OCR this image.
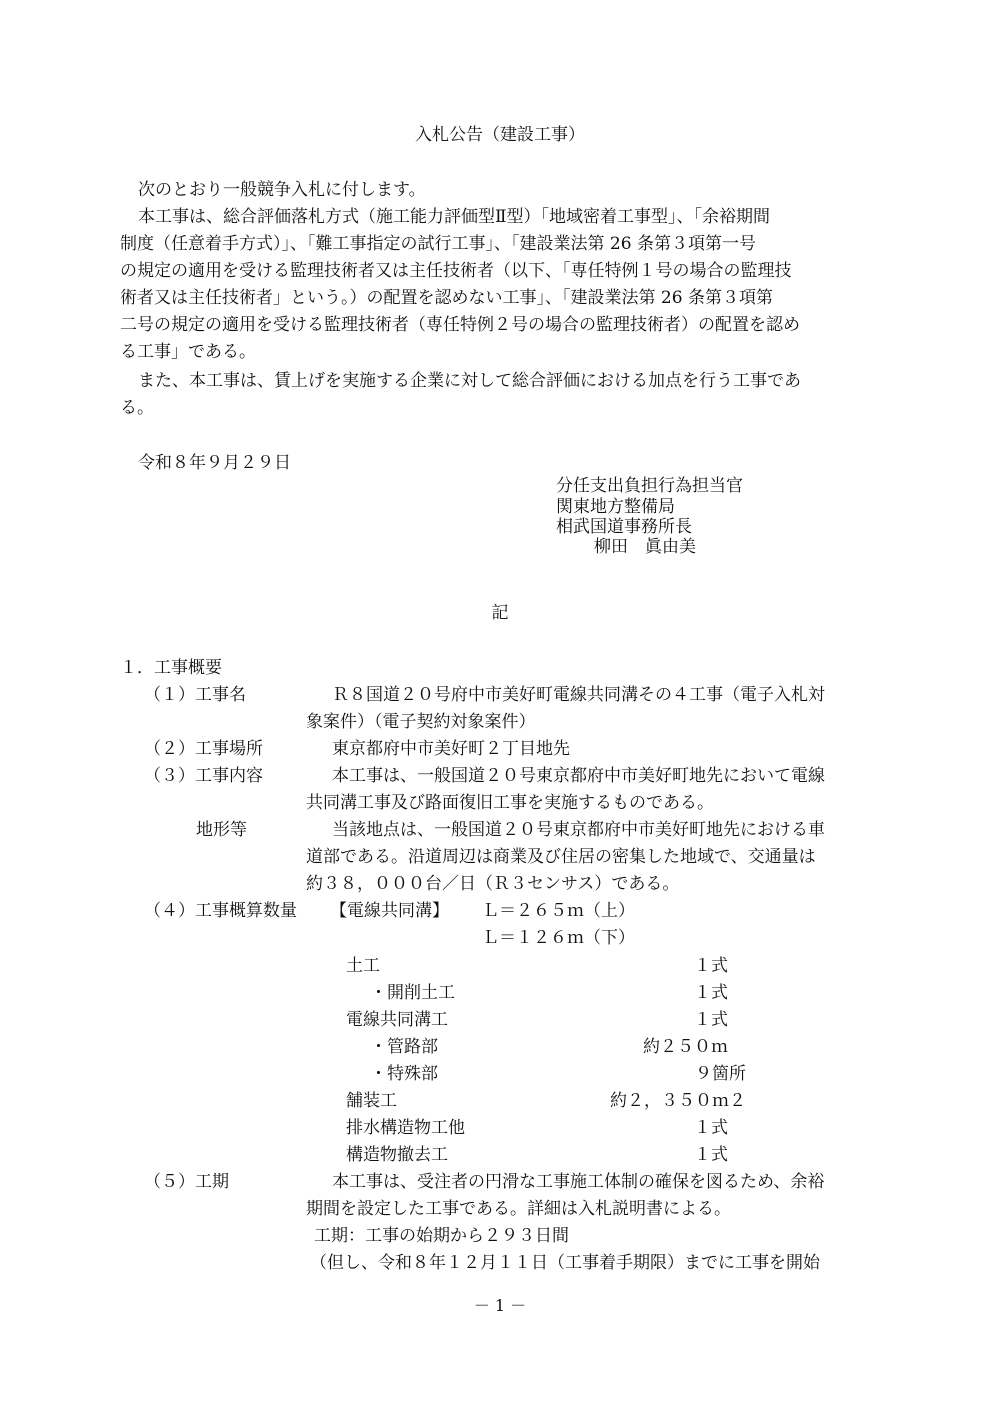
入札公告（建設工事）
次のとおり一般競争入札に付します。
本工事は、総合評価落札方式（施工能力評価型Ⅱ型）「地域密着工事型」、「余裕期間
制度（任意着手方式）」、「難工事指定の試行工事」、「建設業法第 26 条第３項第一号
の規定の適用を受ける監理技術者又は主任技術者（以下、「専任特例１号の場合の監理技
術者又は主任技術者」という。）の配置を認めない工事」、「建設業法第 26 条第３項第
二号の規定の適用を受ける監理技術者（専任特例２号の場合の監理技術者）の配置を認め
る工事」である。
また、本工事は、賃上げを実施する企業に対して総合評価における加点を行う工事であ
る。
令和８年９月２９日
分任支出負担行為担当官
関東地方整備局
相武国道事務所長
柳田　眞由美
記
１．工事概要
（１）工事名	Ｒ８国道２０号府中市美好町電線共同溝その４工事（電子入札対
象案件）（電子契約対象案件）
（２）工事場所	東京都府中市美好町２丁目地先
（３）工事内容	本工事は、一般国道２０号東京都府中市美好町地先において電線
共同溝工事及び路面復旧工事を実施するものである。
地形等	当該地点は、一般国道２０号東京都府中市美好町地先における車
道部である。沿道周辺は商業及び住居の密集した地域で、交通量は
約３８，０００台／日（Ｒ３センサス）である。
（４）工事概算数量 【電線共同溝】 Ｌ＝２６５ｍ（上）
Ｌ＝１２６ｍ（下）
土工	１式
・開削土工	１式
電線共同溝工	１式
・管路部	約２５０ｍ
・特殊部	９箇所
舗装工	約２，３５０ｍ２
排水構造物工他	１式
構造物撤去工	１式
（５）工期	本工事は、受注者の円滑な工事施工体制の確保を図るため、余裕
期間を設定した工事である。詳細は入札説明書による。
工期：工事の始期から２９３日間
（但し、令和８年１２月１１日（工事着手期限）までに工事を開始
－ 1 －
